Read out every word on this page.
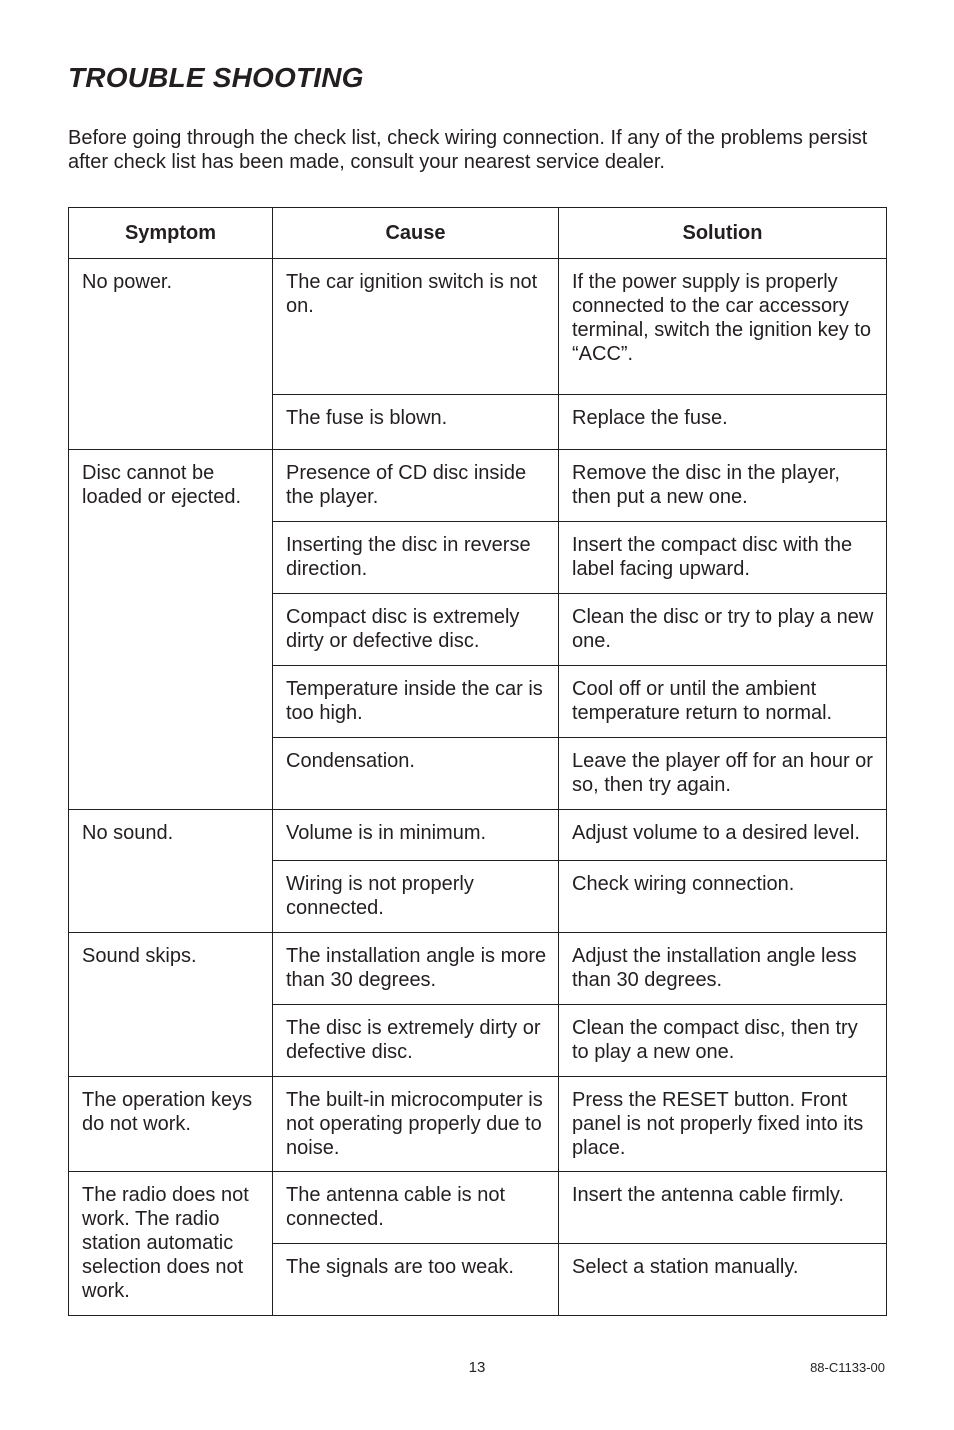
TROUBLE SHOOTING

Before going through the check list, check wiring connection. If any of the problems persist after check list has been made, consult your nearest service dealer.

Symptom	Cause	Solution
No power.	The car ignition switch is not on.	If the power supply is properly connected to the car accessory terminal, switch the ignition key to “ACC”.
	The fuse is blown.	Replace the fuse.
Disc cannot be loaded or ejected.	Presence of CD disc inside the player.	Remove the disc in the player, then put a new one.
	Inserting the disc in reverse direction.	Insert the compact disc with the label facing upward.
	Compact disc is extremely dirty or defective disc.	Clean the disc or try to play a new one.
	Temperature inside the car is too high.	Cool off or until the ambient temperature return to normal.
	Condensation.	Leave the player off for an hour or so, then try again.
No sound.	Volume is in minimum.	Adjust volume to a desired level.
	Wiring is not properly connected.	Check wiring connection.
Sound skips.	The installation angle is more than 30 degrees.	Adjust the installation angle less than 30 degrees.
	The disc is extremely dirty or defective disc.	Clean the compact disc, then try to play a new one.
The operation keys do not work.	The built-in microcomputer is not operating properly due to noise.	Press the RESET button. Front panel is not properly fixed into its place.
The radio does not work. The radio station automatic selection does not work.	The antenna cable is not connected.	Insert the antenna cable firmly.
	The signals are too weak.	Select a station manually.
13	88-C1133-00
